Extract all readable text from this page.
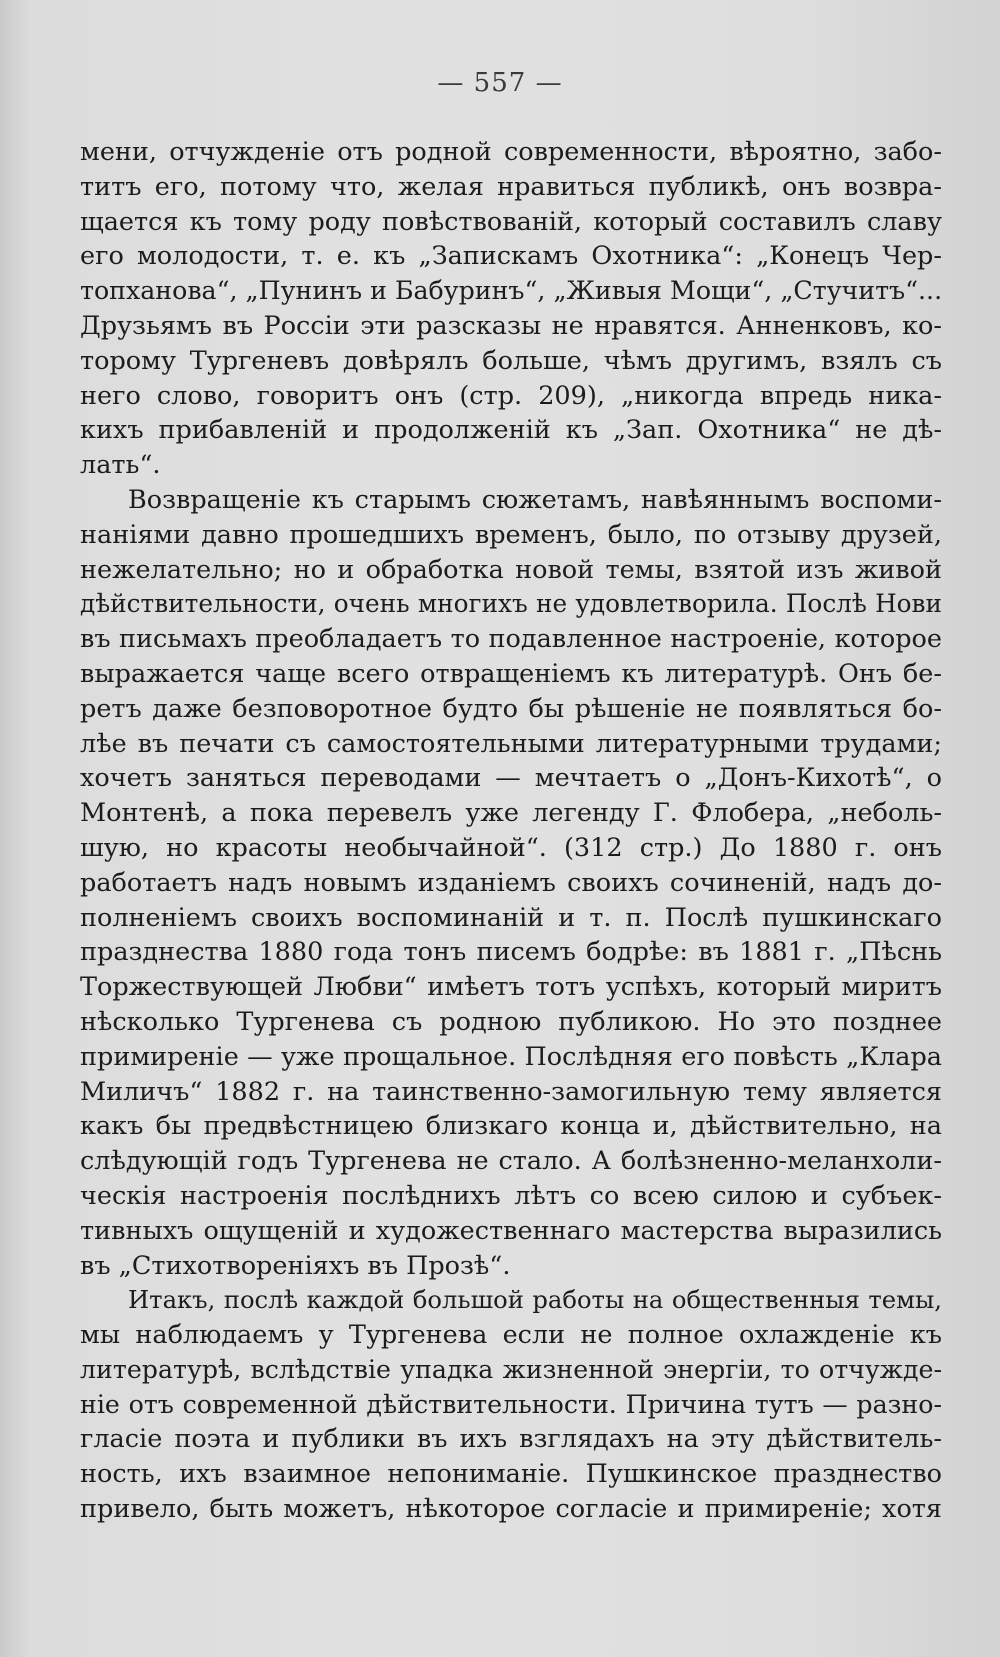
— 557 —
мени, отчужденіе отъ родной современности, вѣроятно, забо-
титъ его, потому что, желая нравиться публикѣ, онъ возвра-
щается къ тому роду повѣствованій, который составилъ славу
его молодости, т. е. къ „Запискамъ Охотника“: „Конецъ Чер-
топханова“, „Пунинъ и Бабуринъ“, „Живыя Мощи“, „Стучитъ“...
Друзьямъ въ Россіи эти разсказы не нравятся. Анненковъ, ко-
торому Тургеневъ довѣрялъ больше, чѣмъ другимъ, взялъ съ
него слово, говоритъ онъ (стр. 209), „никогда впредь ника-
кихъ прибавленій и продолженій къ „Зап. Охотника“ не дѣ-
лать“.
Возвращеніе къ старымъ сюжетамъ, навѣяннымъ воспоми-
наніями давно прошедшихъ временъ, было, по отзыву друзей,
нежелательно; но и обработка новой темы, взятой изъ живой
дѣйствительности, очень многихъ не удовлетворила. Послѣ Нови
въ письмахъ преобладаетъ то подавленное настроеніе, которое
выражается чаще всего отвращеніемъ къ литературѣ. Онъ бе-
ретъ даже безповоротное будто бы рѣшеніе не появляться бо-
лѣе въ печати съ самостоятельными литературными трудами;
хочетъ заняться переводами — мечтаетъ о „Донъ-Кихотѣ“, о
Монтенѣ, а пока перевелъ уже легенду Г. Флобера, „неболь-
шую, но красоты необычайной“. (312 стр.) До 1880 г. онъ
работаетъ надъ новымъ изданіемъ своихъ сочиненій, надъ до-
полненіемъ своихъ воспоминаній и т. п. Послѣ пушкинскаго
празднества 1880 года тонъ писемъ бодрѣе: въ 1881 г. „Пѣснь
Торжествующей Любви“ имѣетъ тотъ успѣхъ, который миритъ
нѣсколько Тургенева съ родною публикою. Но это позднее
примиреніе — уже прощальное. Послѣдняя его повѣсть „Клара
Миличъ“ 1882 г. на таинственно-замогильную тему является
какъ бы предвѣстницею близкаго конца и, дѣйствительно, на
слѣдующій годъ Тургенева не стало. А болѣзненно-меланхоли-
ческія настроенія послѣднихъ лѣтъ со всею силою и субъек-
тивныхъ ощущеній и художественнаго мастерства выразились
въ „Стихотвореніяхъ въ Прозѣ“.
Итакъ, послѣ каждой большой работы на общественныя темы,
мы наблюдаемъ у Тургенева если не полное охлажденіе къ
литературѣ, вслѣдствіе упадка жизненной энергіи, то отчужде-
ніе отъ современной дѣйствительности. Причина тутъ — разно-
гласіе поэта и публики въ ихъ взглядахъ на эту дѣйствитель-
ность, ихъ взаимное непониманіе. Пушкинское празднество
привело, быть можетъ, нѣкоторое согласіе и примиреніе; хотя
